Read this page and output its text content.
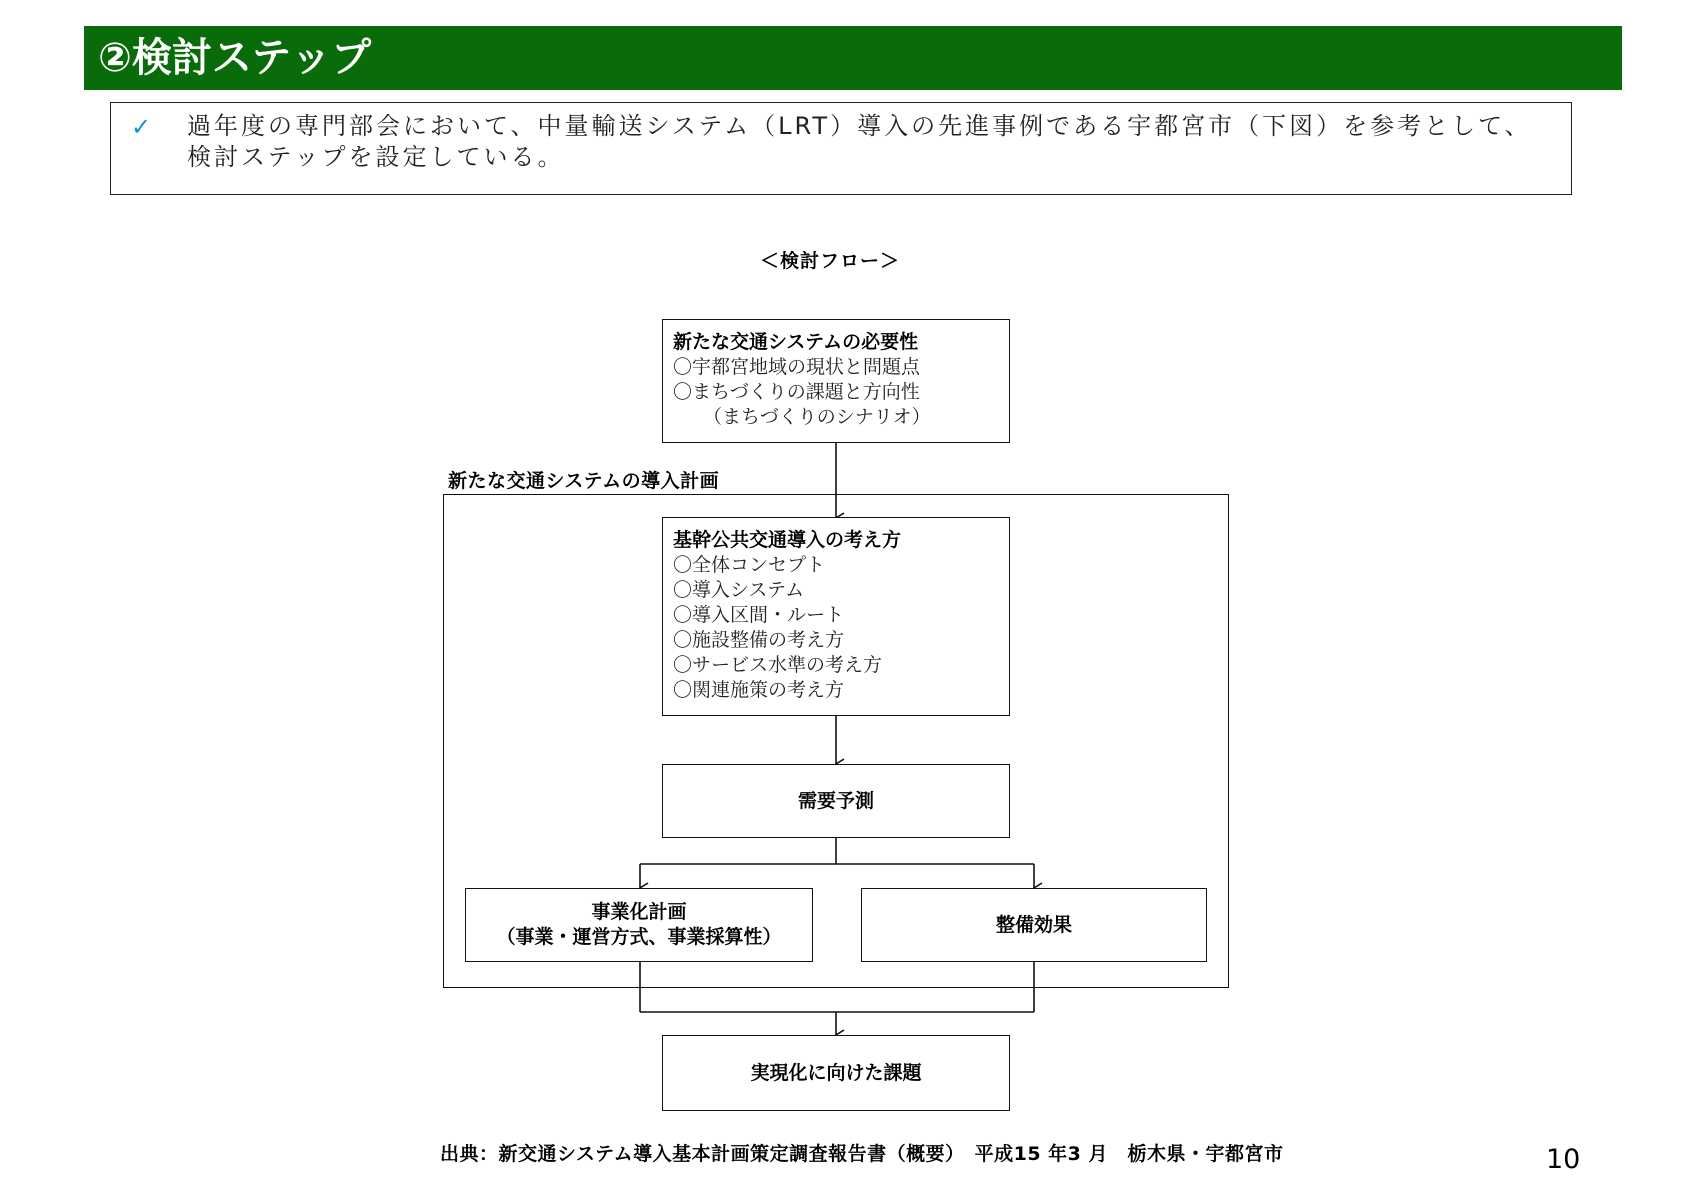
②検討ステップ
✓ 過年度の専門部会において、中量輸送システム（LRT）導入の先進事例である宇都宮市（下図）を参考として、検討ステップを設定している。
＜検討フロー＞
新たな交通システムの導入計画
新たな交通システムの必要性
〇宇都宮地域の現状と問題点
〇まちづくりの課題と方向性
（まちづくりのシナリオ）
基幹公共交通導入の考え方
〇全体コンセプト
〇導入システム
〇導入区間・ルート
〇施設整備の考え方
〇サービス水準の考え方
〇関連施策の考え方
需要予測
事業化計画
（事業・運営方式、事業採算性）
整備効果
実現化に向けた課題
出典：新交通システム導入基本計画策定調査報告書（概要）　平成15 年3 月　栃木県・宇都宮市	10
